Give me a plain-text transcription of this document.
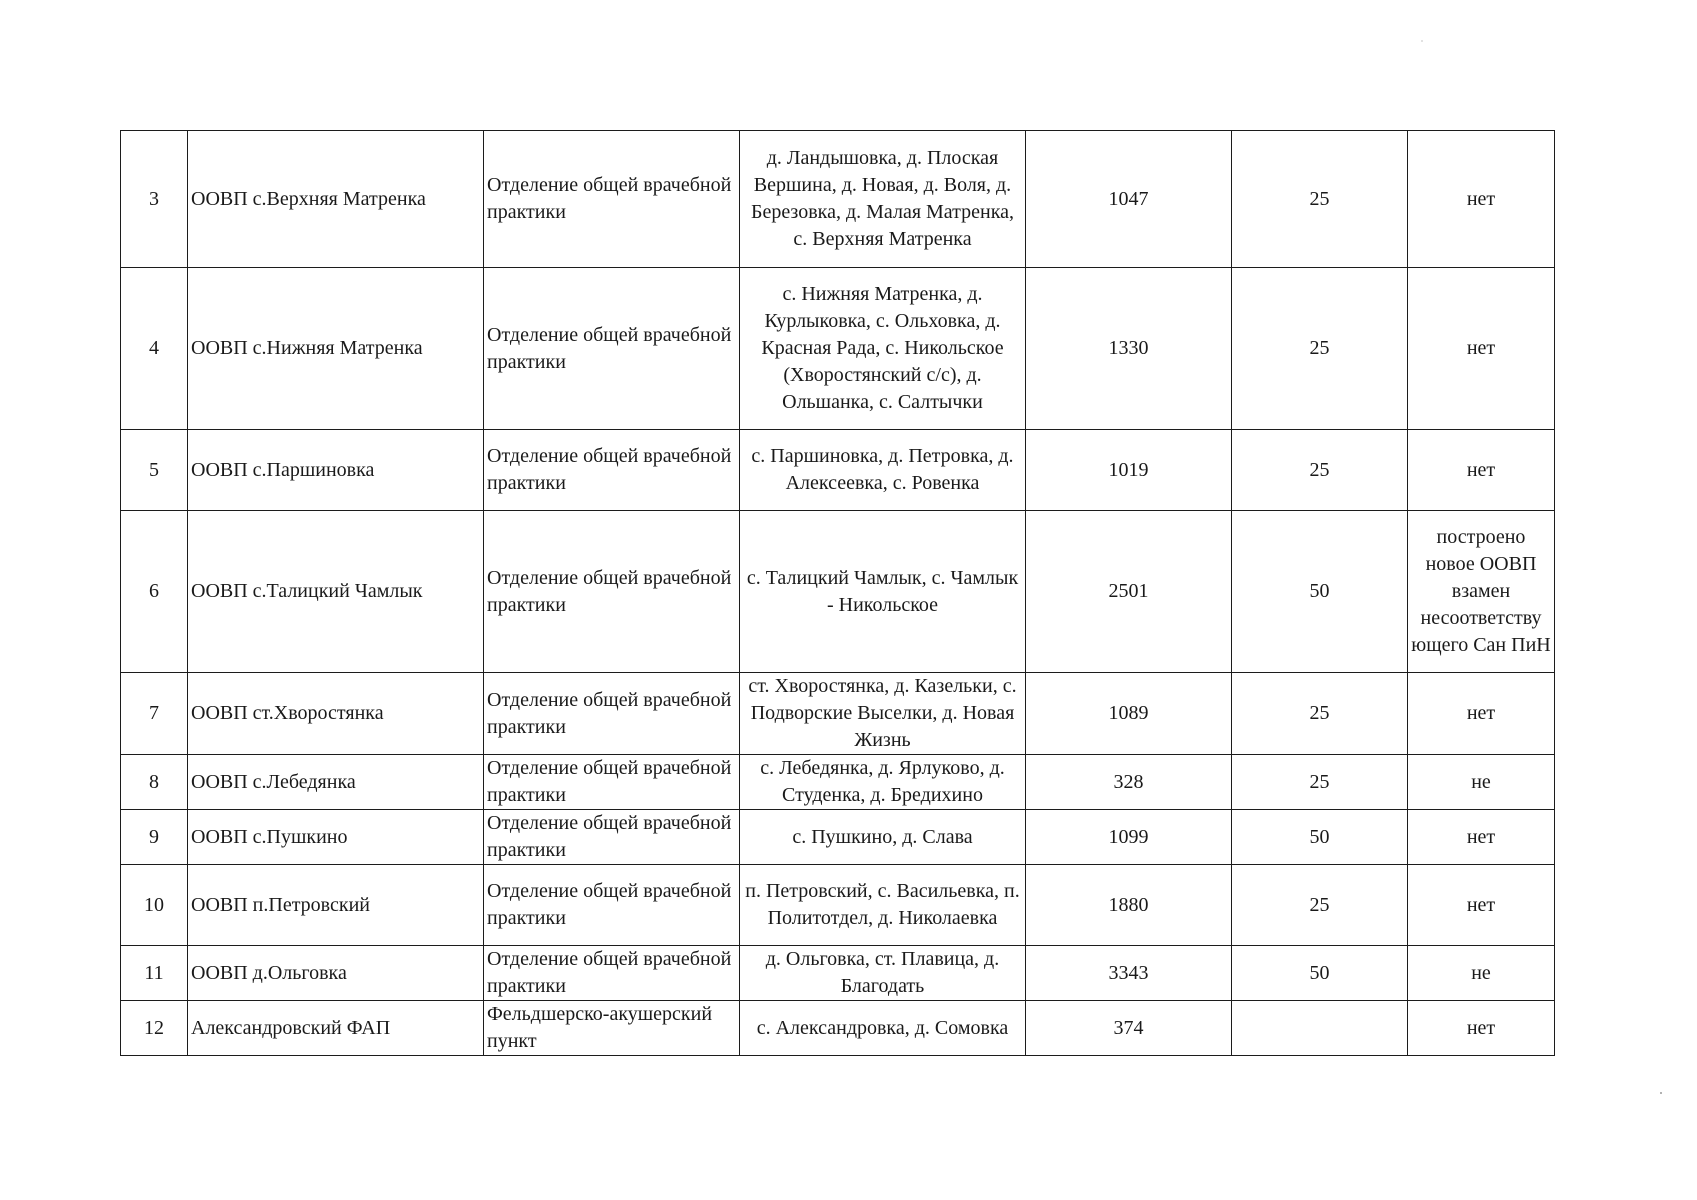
3	ООВП с.Верхняя Матренка	Отделение общей врачебной практики	д. Ландышовка, д. Плоская Вершина, д. Новая, д. Воля, д. Березовка, д. Малая Матренка, с. Верхняя Матренка	1047	25	нет
4	ООВП с.Нижняя Матренка	Отделение общей врачебной практики	с. Нижняя Матренка, д. Курлыковка, с. Ольховка, д. Красная Рада, с. Никольское (Хворостянский с/с), д. Ольшанка, с. Салтычки	1330	25	нет
5	ООВП с.Паршиновка	Отделение общей врачебной практики	с. Паршиновка, д. Петровка, д. Алексеевка, с. Ровенка	1019	25	нет
6	ООВП с.Талицкий Чамлык	Отделение общей врачебной практики	с. Талицкий Чамлык, с. Чамлык - Никольское	2501	50	построено новое ООВП взамен несоответству ющего Сан ПиН
7	ООВП ст.Хворостянка	Отделение общей врачебной практики	ст. Хворостянка, д. Казельки, с. Подворские Выселки, д. Новая Жизнь	1089	25	нет
8	ООВП с.Лебедянка	Отделение общей врачебной практики	с. Лебедянка, д. Ярлуково, д. Студенка, д. Бредихино	328	25	не
9	ООВП с.Пушкино	Отделение общей врачебной практики	с. Пушкино, д. Слава	1099	50	нет
10	ООВП п.Петровский	Отделение общей врачебной практики	п. Петровский, с. Васильевка, п. Политотдел, д. Николаевка	1880	25	нет
11	ООВП д.Ольговка	Отделение общей врачебной практики	д. Ольговка, ст. Плавица, д. Благодать	3343	50	не
12	Александровский ФАП	Фельдшерско-акушерский пункт	с. Александровка, д. Сомовка	374		нет
